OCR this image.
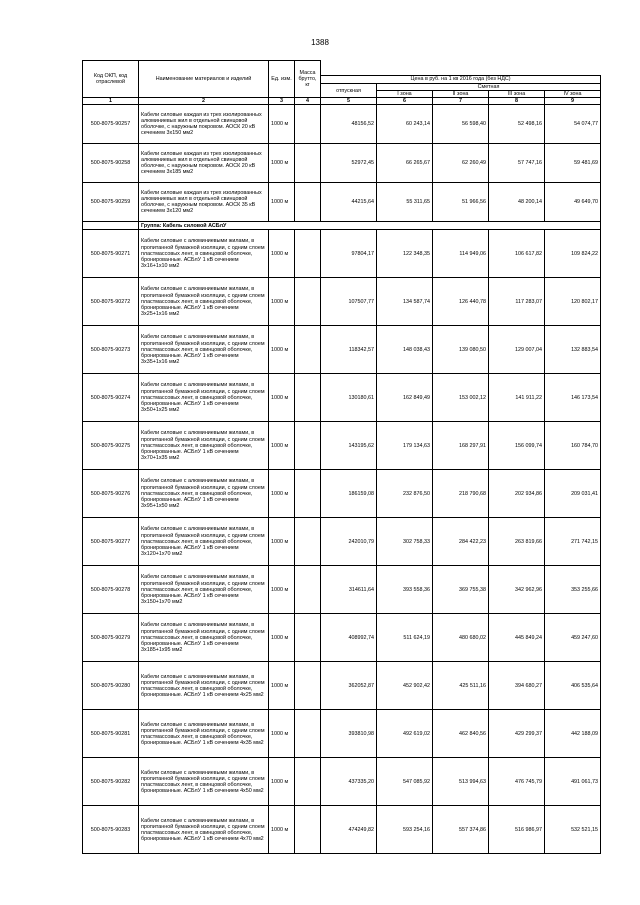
1388
Код ОКП, код отраслевой	Наименование материалов и изделий	Ед. изм.	Масса брутто, кг					
				Цена в руб. на 1 кв 2016 года (без НДС)				
				отпускная	Сметная			
					I зона	II зона	III зона	IV зона
1	2	3	4	5	6	7	8	9
500-8075-90257	Кабели силовые каждая из трех изолированных алюминиевых жил в отдельной свинцовой оболочке, с наружным покровом. АОСК 20 кВ сечением 3х150 мм2	1000 м		48156,52	60 243,14	56 598,40	52 498,16	54 074,77
500-8075-90258	Кабели силовые каждая из трех изолированных алюминиевых жил в отдельной свинцовой оболочке, с наружным покровом. АОСК 20 кВ сечением 3х185 мм2	1000 м		52972,45	66 265,67	62 260,49	57 747,16	59 481,69
500-8075-90259	Кабели силовые каждая из трех изолированных алюминиевых жил в отдельной свинцовой оболочке, с наружным покровом. АОСК 35 кВ сечением 3х120 мм2	1000 м		44215,64	55 311,65	51 966,56	48 200,14	49 649,70
	Группа: Кабель силовой АСБлУ							
500-8075-90271	Кабели силовые с алюминиевыми жилами, в пропитанной бумажной изоляции, с одним слоем пластмассовых лент, в свинцовой оболочке, бронированные. АСБлУ 1 кВ сечением 3х16+1х10 мм2	1000 м		97804,17	122 348,35	114 949,06	106 617,82	109 824,22
500-8075-90272	Кабели силовые с алюминиевыми жилами, в пропитанной бумажной изоляции, с одним слоем пластмассовых лент, в свинцовой оболочке, бронированные. АСБлУ 1 кВ сечением 3х25+1х16 мм2	1000 м		107507,77	134 587,74	126 440,78	117 283,07	120 802,17
500-8075-90273	Кабели силовые с алюминиевыми жилами, в пропитанной бумажной изоляции, с одним слоем пластмассовых лент, в свинцовой оболочке, бронированные. АСБлУ 1 кВ сечением 3х35+1х16 мм2	1000 м		118342,57	148 038,43	139 080,50	129 007,04	132 883,54
500-8075-90274	Кабели силовые с алюминиевыми жилами, в пропитанной бумажной изоляции, с одним слоем пластмассовых лент, в свинцовой оболочке, бронированные. АСБлУ 1 кВ сечением 3х50+1х25 мм2	1000 м		130180,61	162 849,49	153 002,12	141 911,22	146 173,54
500-8075-90275	Кабели силовые с алюминиевыми жилами, в пропитанной бумажной изоляции, с одним слоем пластмассовых лент, в свинцовой оболочке, бронированные. АСБлУ 1 кВ сечением 3х70+1х35 мм2	1000 м		143195,62	179 134,63	168 297,91	156 099,74	160 784,70
500-8075-90276	Кабели силовые с алюминиевыми жилами, в пропитанной бумажной изоляции, с одним слоем пластмассовых лент, в свинцовой оболочке, бронированные. АСБлУ 1 кВ сечением 3х95+1х50 мм2	1000 м		186159,08	232 876,50	218 790,68	202 934,86	209 031,41
500-8075-90277	Кабели силовые с алюминиевыми жилами, в пропитанной бумажной изоляции, с одним слоем пластмассовых лент, в свинцовой оболочке, бронированные. АСБлУ 1 кВ сечением 3х120+1х70 мм2	1000 м		242010,79	302 758,33	284 422,23	263 819,66	271 742,15
500-8075-90278	Кабели силовые с алюминиевыми жилами, в пропитанной бумажной изоляции, с одним слоем пластмассовых лент, в свинцовой оболочке, бронированные. АСБлУ 1 кВ сечением 3х150+1х70 мм2	1000 м		314611,64	393 558,36	369 755,38	342 962,96	353 255,66
500-8075-90279	Кабели силовые с алюминиевыми жилами, в пропитанной бумажной изоляции, с одним слоем пластмассовых лент, в свинцовой оболочке, бронированные. АСБлУ 1 кВ сечением 3х185+1х95 мм2	1000 м		408992,74	511 624,19	480 680,02	445 849,24	459 247,60
500-8075-90280	Кабели силовые с алюминиевыми жилами, в пропитанной бумажной изоляции, с одним слоем пластмассовых лент, в свинцовой оболочке, бронированные. АСБлУ 1 кВ сечением 4х25 мм2	1000 м		362052,87	452 902,42	425 511,16	394 680,27	406 535,64
500-8075-90281	Кабели силовые с алюминиевыми жилами, в пропитанной бумажной изоляции, с одним слоем пластмассовых лент, в свинцовой оболочке, бронированные. АСБлУ 1 кВ сечением 4х35 мм2	1000 м		393810,98	492 619,02	462 840,56	429 299,37	442 188,09
500-8075-90282	Кабели силовые с алюминиевыми жилами, в пропитанной бумажной изоляции, с одним слоем пластмассовых лент, в свинцовой оболочке, бронированные. АСБлУ 1 кВ сечением 4х50 мм2	1000 м		437335,20	547 085,92	513 994,63	476 745,79	491 061,73
500-8075-90283	Кабели силовые с алюминиевыми жилами, в пропитанной бумажной изоляции, с одним слоем пластмассовых лент, в свинцовой оболочке, бронированные. АСБлУ 1 кВ сечением 4х70 мм2	1000 м		474249,82	593 254,16	557 374,86	516 986,97	532 521,15
